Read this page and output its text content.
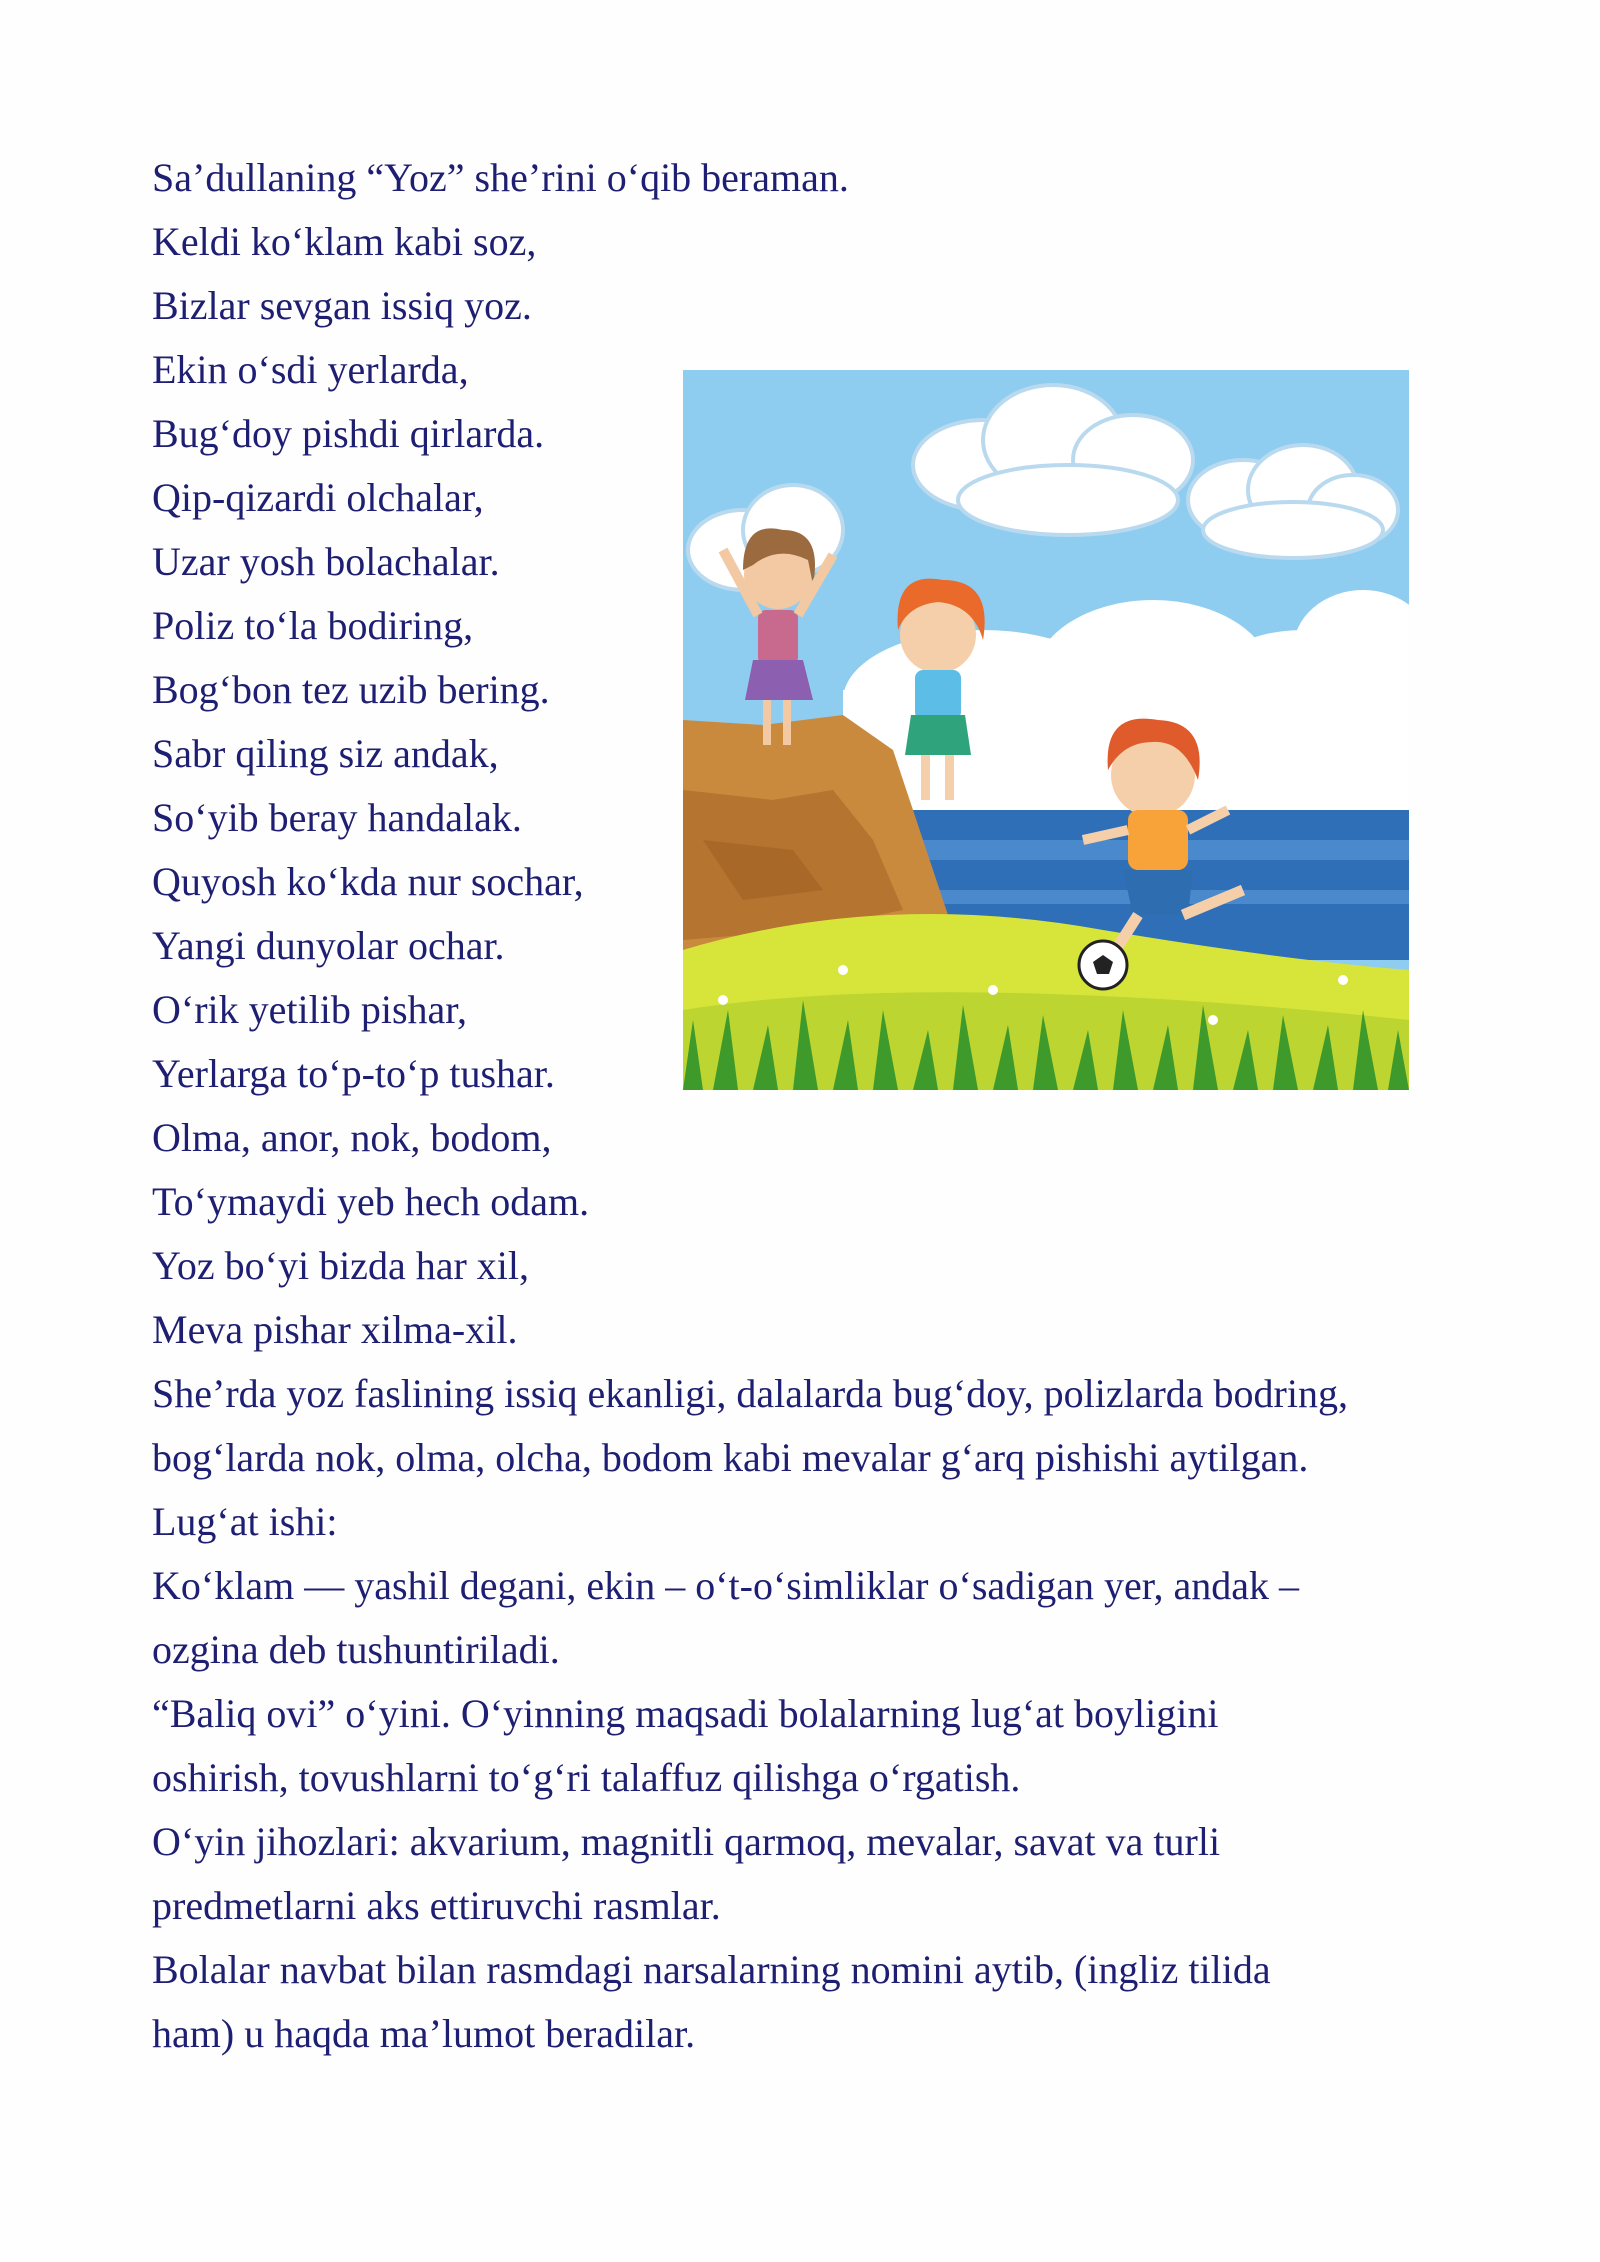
Sa’dullaning “Yoz” she’rini o‘qib beraman.
Keldi ko‘klam kabi soz,
Bizlar sevgan issiq yoz.
Ekin o‘sdi yerlarda,
Bug‘doy pishdi qirlarda.
Qip-qizardi olchalar,
Uzar yosh bolachalar.
Poliz to‘la bodiring,
Bog‘bon tez uzib bering.
Sabr qiling siz andak,
So‘yib beray handalak.
Quyosh ko‘kda nur sochar,
Yangi dunyolar ochar.
O‘rik yetilib pishar,
Yerlarga to‘p-to‘p tushar.
Olma, anor, nok, bodom,
To‘ymaydi yeb hech odam.
Yoz bo‘yi bizda har xil,
Meva pishar xilma-xil.
She’rda yoz faslining issiq ekanligi, dalalarda bug‘doy, polizlarda bodring,
bog‘larda nok, olma, olcha, bodom kabi mevalar g‘arq pishishi aytilgan.
Lug‘at ishi:
Ko‘klam — yashil degani, ekin – o‘t-o‘simliklar o‘sadigan yer, andak –
ozgina deb tushuntiriladi.
“Baliq ovi” o‘yini. O‘yinning maqsadi bolalarning lug‘at boyligini
oshirish, tovushlarni to‘g‘ri talaffuz qilishga o‘rgatish.
O‘yin jihozlari: akvarium, magnitli qarmoq, mevalar, savat va turli
predmetlarni aks ettiruvchi rasmlar.
Bolalar navbat bilan rasmdagi narsalarning nomini aytib, (ingliz tilida
ham) u haqda ma’lumot beradilar.
